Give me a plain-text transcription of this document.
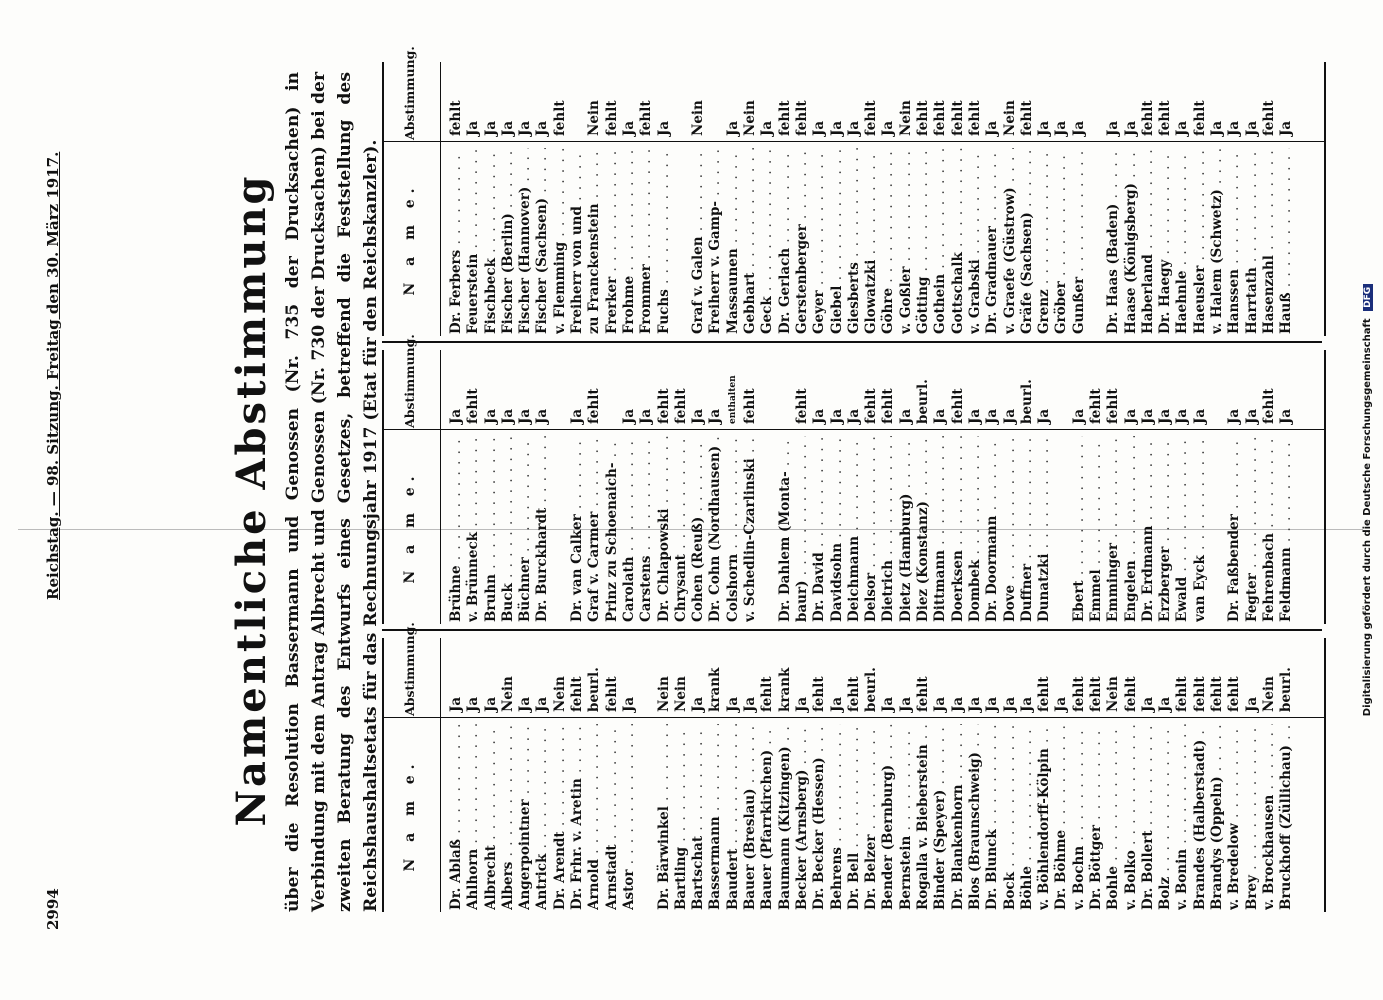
2994
Reichstag. — 98. Sitzung. Freitag den 30. März 1917.	Namentliche Abstimmung über die Resolution Bassermann und Genossen (Nr. 735 der Drucksachen) in Verbindung mit dem Antrag Albrecht und Genossen (Nr. 730 der Drucksachen) bei der zweiten Beratung des Entwurfs eines Gesetzes, betreffend die Feststellung des Reichshaushaltsetats für das Rechnungsjahr 1917 (Etat für den Reichskanzler). N a m e.
Abstimmung.
Dr. Ablaß . . .
Ja
Ahlhorn . . .
Ja
Albrecht . . .
Ja
Albers . . .
Nein
Angerpointner . . .
Ja
Antrick . . .
Ja
Dr. Arendt . . .
Nein
Dr. Frhr. v. Aretin . . .
fehlt
Arnold . . .
beurl.
Arnstadt . . .
fehlt
Astor . . .
Ja
Dr. Bärwinkel . . .
Nein
Bartling . . .
Nein
Bartschat . . .
Ja
Bassermann . . .
krank
Baudert . . .
Ja
Bauer (Breslau) . . .
Ja
Bauer (Pfarrkirchen) . . .
fehlt
Baumann (Kitzingen) . . .
krank
Becker (Arnsberg) . . .
Ja
Dr. Becker (Hessen) . . .
fehlt
Behrens . . .
Ja
Dr. Bell . . .
fehlt
Dr. Belzer . . .
beurl.
Bender (Bernburg) . . .
Ja
Bernstein . . .
Ja
Rogalla v. Bieberstein . . .
fehlt
Binder (Speyer) . . .
Ja
Dr. Blankenhorn . . .
Ja
Blos (Braunschweig) . . .
Ja
Dr. Blunck . . .
Ja
Bock . . .
Ja
Böhle . . .
Ja
v. Böhlendorff-Kölpin . . .
fehlt
Dr. Böhme . . .
Ja
v. Bochn . . .
fehlt
Dr. Böttger . . .
fehlt
Bohle . . .
Nein
v. Bolko . . .
fehlt
Dr. Bollert . . .
Ja
Bolz . . .
Ja
v. Bonin . . .
fehlt
Brandes (Halberstadt) . . .
fehlt
Brandys (Oppeln) . . .
fehlt
v. Bredelow . . .
fehlt
Brey . . .
Ja
v. Brockhausen . . .
Nein
Bruckhoff (Züllichau) . . .
beurl.
N a m e.
Abstimmung.
Brühne . . .
Ja
v. Brünneck . . .
fehlt
Bruhn . . .
Ja
Buck . . .
Ja
Büchner . . .
Ja
Dr. Burckhardt . . .
Ja
Dr. van Calker . . .
Ja
Graf v. Carmer . . .
fehlt
Prinz zu Schoenaich- . . . Carolath . . .
Ja
Carstens . . .
Ja
Dr. Chlapowski . . .
fehlt
Chrysant . . .
fehlt
Cohen (Reuß) . . .
Ja
Dr. Cohn (Nordhausen) . . .
Ja
Colshorn . . .
enthalten
v. Schedlin-Czarlinski . . .
fehlt
Dr. Dahlem (Monta- . . . baur) . . .
fehlt
Dr. David . . .
Ja
Davidsohn . . .
Ja
Deichmann . . .
Ja
Delsor . . .
fehlt
Dietrich . . .
fehlt
Dietz (Hamburg) . . .
Ja
Diez (Konstanz) . . .
beurl.
Dittmann . . .
Ja
Doerksen . . .
fehlt
Dombek . . .
Ja
Dr. Doormann . . .
Ja
Dove . . .
Ja
Duffner . . .
beurl.
Dunatzki . . .
Ja
Ebert . . .
Ja
Emmel . . .
fehlt
Emminger . . .
fehlt
Engelen . . .
Ja
Dr. Erdmann . . .
Ja
Erzberger . . .
Ja
Ewald . . .
Ja
van Eyck . . .
Ja
Dr. Faßbender . . .
Ja
Fegter . . .
Ja
Fehrenbach . . .
fehlt
Feldmann . . .
Ja
N a m e.
Abstimmung.
Dr. Ferbers . . .
fehlt
Feuerstein . . .
Ja
Fischbeck . . .
Ja
Fischer (Berlin) . . .
Ja
Fischer (Hannover) . . .
Ja
Fischer (Sachsen) . . .
Ja
v. Flemming . . .
fehlt
Freiherr von und . . . zu Franckenstein . . .
Nein
Frerker . . .
fehlt
Frohme . . .
Ja
Frommer . . .
fehlt
Fuchs . . .
Ja
Graf v. Galen . . .
Nein
Freiherr v. Gamp- . . . Massaunen . . .
Ja
Gebhart . . .
Nein
Geck . . .
Ja
Dr. Gerlach . . .
fehlt
Gerstenberger . . .
fehlt
Geyer . . .
Ja
Giebel . . .
Ja
Giesberts . . .
Ja
Glowatzki . . .
fehlt
Göhre . . .
Ja
v. Goßler . . .
Nein
Götting . . .
fehlt
Gothein . . .
fehlt
Gottschalk . . .
fehlt
v. Grabski . . .
fehlt
Dr. Gradnauer . . .
Ja
v. Graefe (Güstrow) . . .
Nein
Gräfe (Sachsen) . . .
fehlt
Grenz . . .
Ja
Gröber . . .
Ja
Gunßer . . .
Ja
Dr. Haas (Baden) . . .
Ja
Haase (Königsberg) . . .
Ja
Haberland . . .
fehlt
Dr. Haegy . . .
fehlt
Haehnle . . .
Ja
Haeusler . . .
fehlt
v. Halem (Schwetz) . . .
Ja
Hanssen . . .
Ja
Harrtath . . .
Ja
Hasenzahl . . .
fehlt
Hauß . . .
Ja
Digitalisierung gefördert durch die Deutsche Forschungsgemeinschaft DFG
